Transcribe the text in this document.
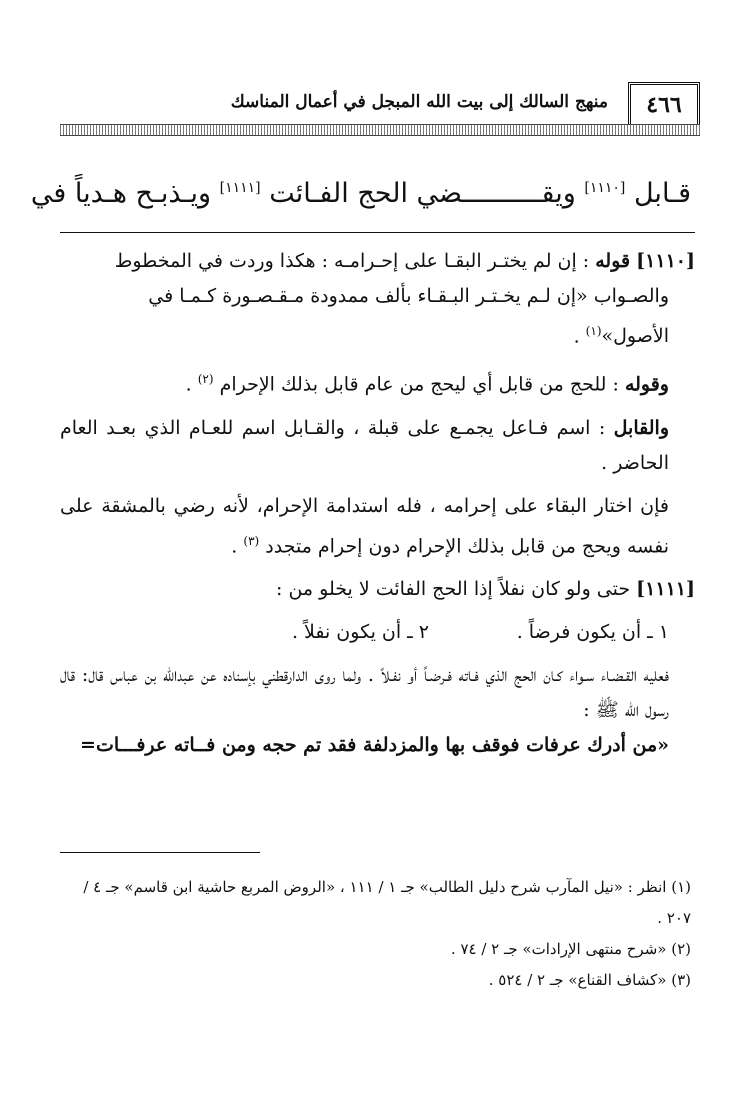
٤٦٦
منهج السالك إلى بيت الله المبجل في أعمال المناسك
قـابل [١١١٠] ويقــــــــــضي الحج الفـائت [١١١١] ويـذبـح هـدياً في

[١١١٠] قوله : إن لم يختـر البقـا على إحـرامـه : هكذا وردت في المخطوط
والصـواب «إن لـم يخـتـر البـقـاء بألف ممدودة مـقـصـورة كـمـا في
الأصول»$^{(١)}$ .

وقوله : للحج من قابل أي ليحج من عام قابل بذلك الإحرام $^{(٢)}$ .

والقابل : اسم فـاعل يجمـع على قبلة ، والقـابل اسم للعـام الذي بعـد العام الحاضر .

فإن اختار البقاء على إحرامه ، فله استدامة الإحرام، لأنه رضي بالمشقة على نفسه ويحج من قابل بذلك الإحرام دون إحرام متجدد $^{(٣)}$ .

[١١١١] حتى ولو كان نفلاً إذا الحج الفائت لا يخلو من :

١ ـ أن يكون فرضاً .
٢ ـ أن يكون نفلاً .

فعليه القـضـاء سـواء كـان الحج الذي فـاته فـرضـاً أو نفـلاً . ولما روى الدارقطني بإسناده عن عبدالله بن عباس قال: قال رسول الله ﷺ :
«من أدرك عرفات فوقف بها والمزدلفة فقد تم حجه ومن فــاته عرفـــات=

(١) انظر : «نيل المآرب شرح دليل الطالب» جـ ١ / ١١١ ، «الروض المربع حاشية ابن قاسم» جـ ٤ / ٢٠٧ .

(٢) «شرح منتهى الإرادات» جـ ٢ / ٧٤ .

(٣) «كشاف القناع» جـ ٢ / ٥٢٤ .
